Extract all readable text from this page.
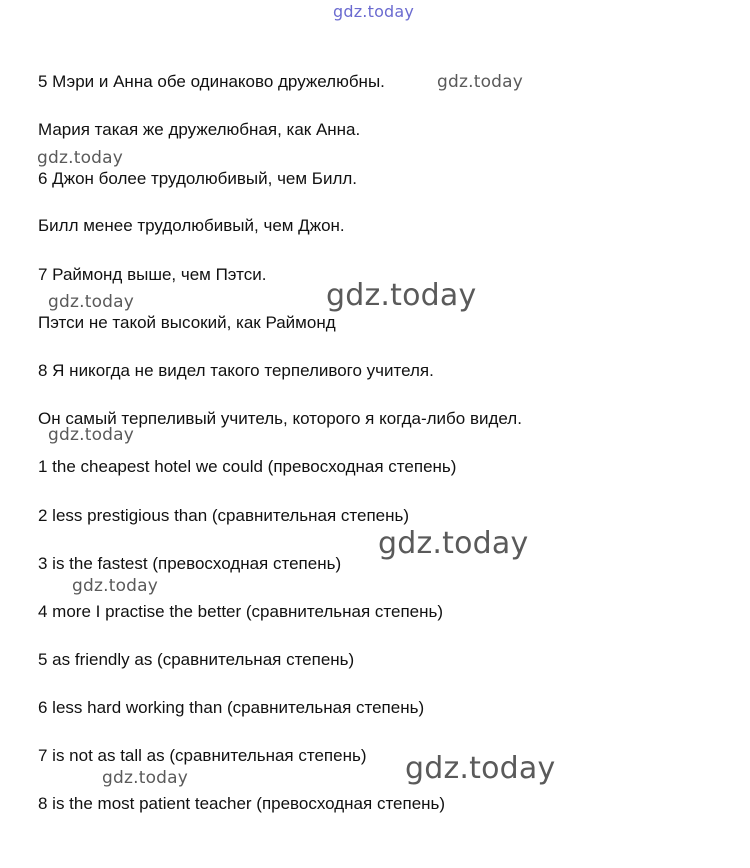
gdz.today
5 Мэри и Анна обе одинаково дружелюбны.
Мария такая же дружелюбная, как Анна.
6 Джон более трудолюбивый, чем Билл.
Билл менее трудолюбивый, чем Джон.
7 Раймонд выше, чем Пэтси.
Пэтси не такой высокий, как Раймонд
8 Я никогда не видел такого терпеливого учителя.
Он самый терпеливый учитель, которого я когда-либо видел.
1 the cheapest hotel we could (превосходная степень)
2 less prestigious than (сравнительная степень)
3 is the fastest (превосходная степень)
4 more I practise the better (сравнительная степень)
5 as friendly as (сравнительная степень)
6 less hard working than (сравнительная степень)
7 is not as tall as (сравнительная степень)
8 is the most patient teacher (превосходная степень)
gdz.today
gdz.today
gdz.today
gdz.today
gdz.today
gdz.today
gdz.today
gdz.today
gdz.today
